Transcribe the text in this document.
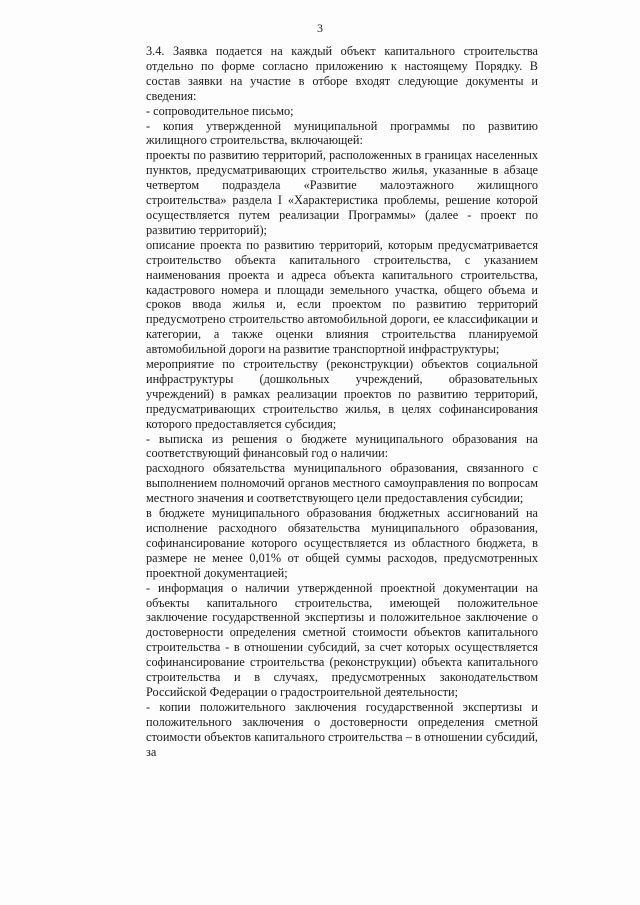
3

3.4. Заявка подается на каждый объект капитального строительства отдельно по форме согласно приложению к настоящему Порядку. В состав заявки на участие в отборе входят следующие документы и сведения:

- сопроводительное письмо;

- копия утвержденной муниципальной программы по развитию жилищного строительства, включающей:

проекты по развитию территорий, расположенных в границах населенных пунктов, предусматривающих строительство жилья, указанные в абзаце четвертом подраздела «Развитие малоэтажного жилищного строительства» раздела I «Характеристика проблемы, решение которой осуществляется путем реализации Программы» (далее - проект по развитию территорий);

описание проекта по развитию территорий, которым предусматривается строительство объекта капитального строительства, с указанием наименования проекта и адреса объекта капитального строительства, кадастрового номера и площади земельного участка, общего объема и сроков ввода жилья и, если проектом по развитию территорий предусмотрено строительство автомобильной дороги, ее классификации и категории, а также оценки влияния строительства планируемой автомобильной дороги на развитие транспортной инфраструктуры;

мероприятие по строительству (реконструкции) объектов социальной инфраструктуры (дошкольных учреждений, образовательных учреждений) в рамках реализации проектов по развитию территорий, предусматривающих строительство жилья, в целях софинансирования которого предоставляется субсидия;

- выписка из решения о бюджете муниципального образования на соответствующий финансовый год о наличии:

расходного обязательства муниципального образования, связанного с выполнением полномочий органов местного самоуправления по вопросам местного значения и соответствующего цели предоставления субсидии;

в бюджете муниципального образования бюджетных ассигнований на исполнение расходного обязательства муниципального образования, софинансирование которого осуществляется из областного бюджета, в размере не менее 0,01% от общей суммы расходов, предусмотренных проектной документацией;

- информация о наличии утвержденной проектной документации на объекты капитального строительства, имеющей положительное заключение государственной экспертизы и положительное заключение о достоверности определения сметной стоимости объектов капитального строительства - в отношении субсидий, за счет которых осуществляется софинансирование строительства (реконструкции) объекта капитального строительства и в случаях, предусмотренных законодательством Российской Федерации о градостроительной деятельности;

- копии положительного заключения государственной экспертизы и положительного заключения о достоверности определения сметной стоимости объектов капитального строительства – в отношении субсидий, за
